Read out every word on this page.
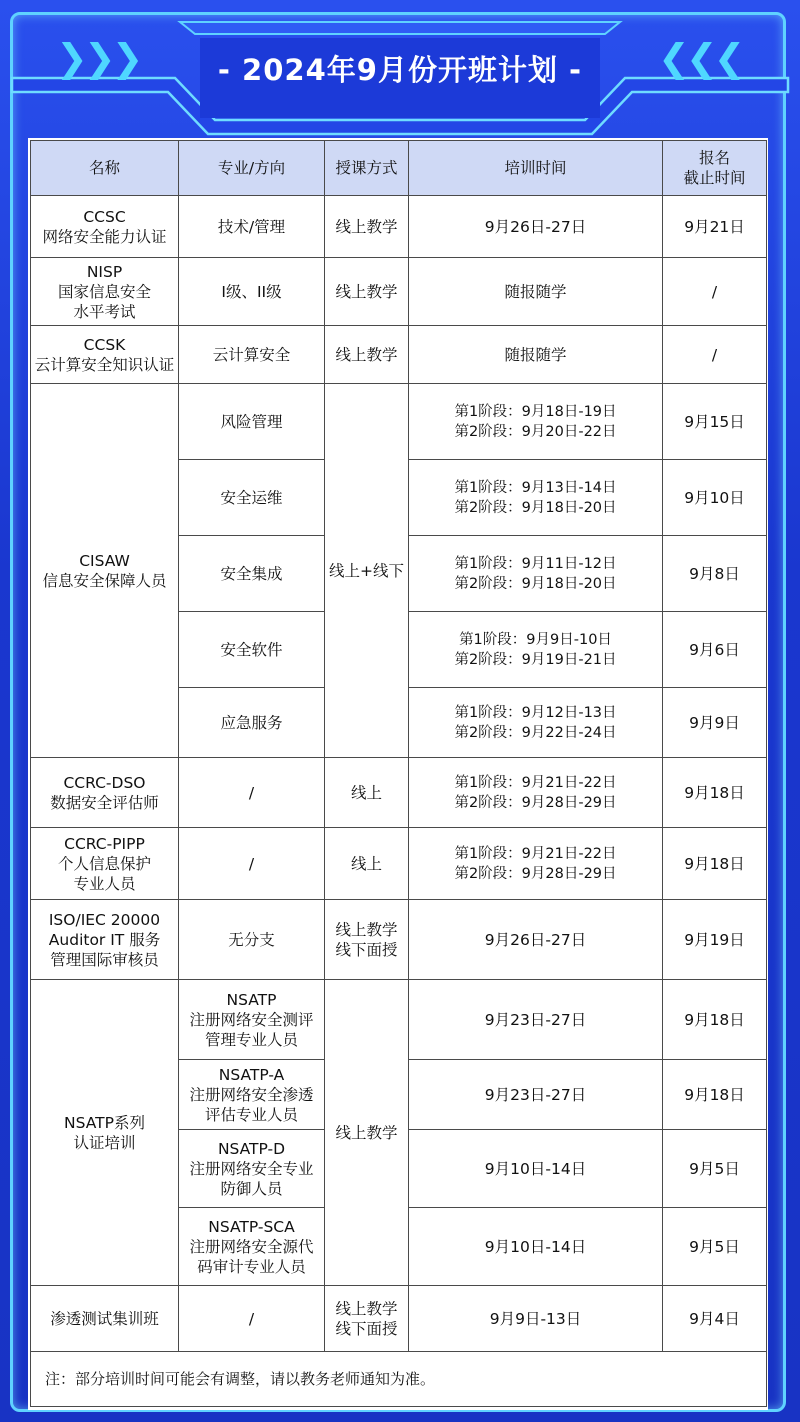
❯❯❯	❮❮❮
- 2024年9月份开班计划 -
名称	专业/方向	授课方式	培训时间	报名
截止时间

CCSC
网络安全能力认证	技术/管理	线上教学	9月26日-27日	9月21日

NISP
国家信息安全
水平考试	I级、II级	线上教学	随报随学	/

CCSK
云计算安全知识认证	云计算安全	线上教学	随报随学	/

CISAW
信息安全保障人员	风险管理	线上+线下	第1阶段：9月18日-19日
第2阶段：9月20日-22日	9月15日
	安全运维		第1阶段：9月13日-14日
第2阶段：9月18日-20日	9月10日
	安全集成		第1阶段：9月11日-12日
第2阶段：9月18日-20日	9月8日
	安全软件		第1阶段：9月9日-10日
第2阶段：9月19日-21日	9月6日
	应急服务		第1阶段：9月12日-13日
第2阶段：9月22日-24日	9月9日

CCRC-DSO
数据安全评估师	/	线上	第1阶段：9月21日-22日
第2阶段：9月28日-29日	9月18日

CCRC-PIPP
个人信息保护
专业人员	/	线上	第1阶段：9月21日-22日
第2阶段：9月28日-29日	9月18日

ISO/IEC 20000
Auditor IT 服务
管理国际审核员	无分支	线上教学
线下面授	9月26日-27日	9月19日

NSATP系列
认证培训	NSATP
注册网络安全测评
管理专业人员	线上教学	9月23日-27日	9月18日

	NSATP-A
注册网络安全渗透
评估专业人员		9月23日-27日	9月18日

	NSATP-D
注册网络安全专业
防御人员		9月10日-14日	9月5日

	NSATP-SCA
注册网络安全源代
码审计专业人员		9月10日-14日	9月5日
渗透测试集训班	/	线上教学
线下面授	9月9日-13日	9月4日
注：部分培训时间可能会有调整，请以教务老师通知为准。				
